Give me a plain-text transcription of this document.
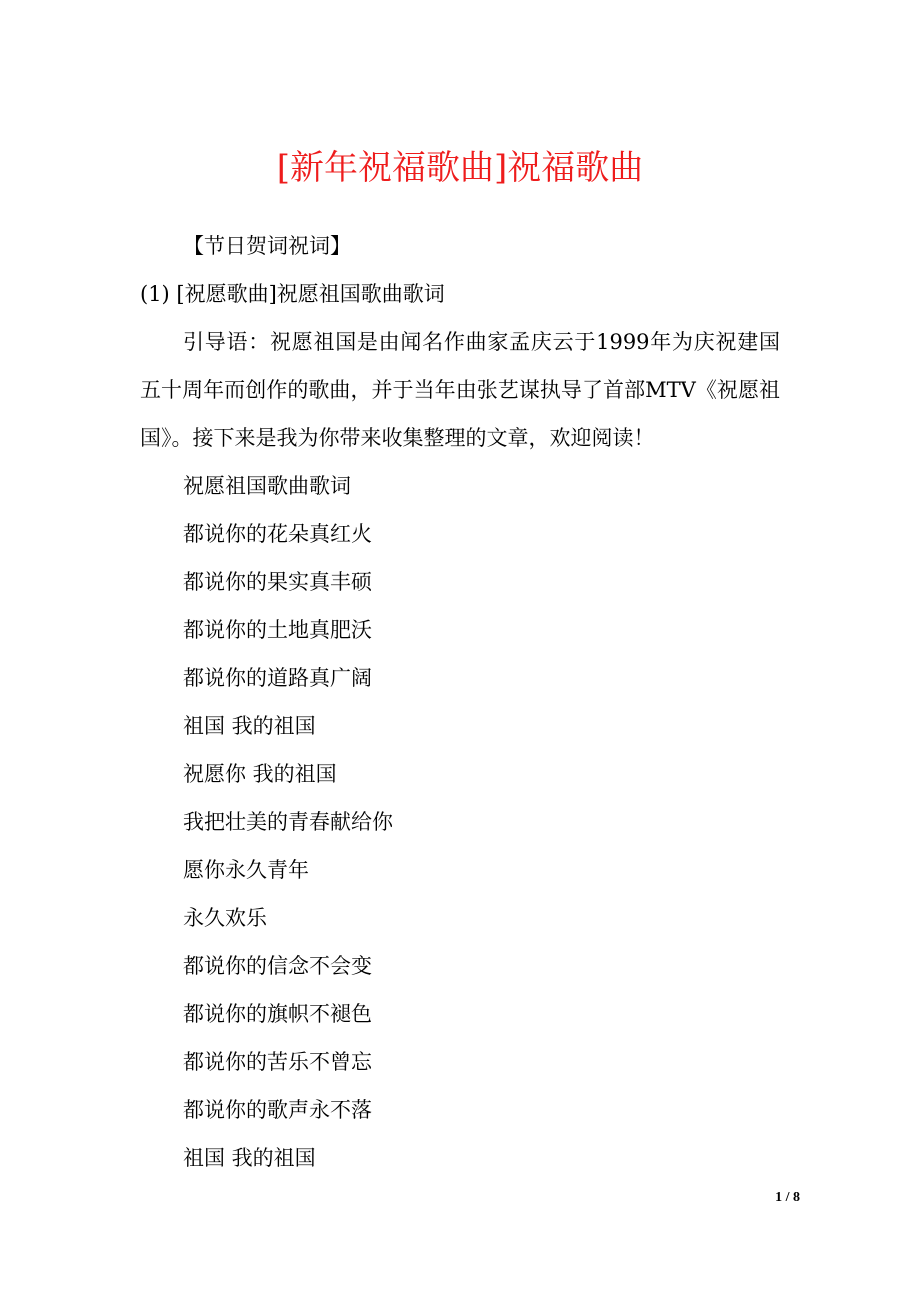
[新年祝福歌曲]祝福歌曲
【节日贺词祝词】
(1) [祝愿歌曲]祝愿祖国歌曲歌词
引导语：祝愿祖国是由闻名作曲家孟庆云于1999年为庆祝建国五十周年而创作的歌曲，并于当年由张艺谋执导了首部MTV《祝愿祖国》。接下来是我为你带来收集整理的文章，欢迎阅读！
祝愿祖国歌曲歌词
都说你的花朵真红火
都说你的果实真丰硕
都说你的土地真肥沃
都说你的道路真广阔
祖国 我的祖国
祝愿你 我的祖国
我把壮美的青春献给你
愿你永久青年
永久欢乐
都说你的信念不会变
都说你的旗帜不褪色
都说你的苦乐不曾忘
都说你的歌声永不落
祖国 我的祖国
1 / 8
